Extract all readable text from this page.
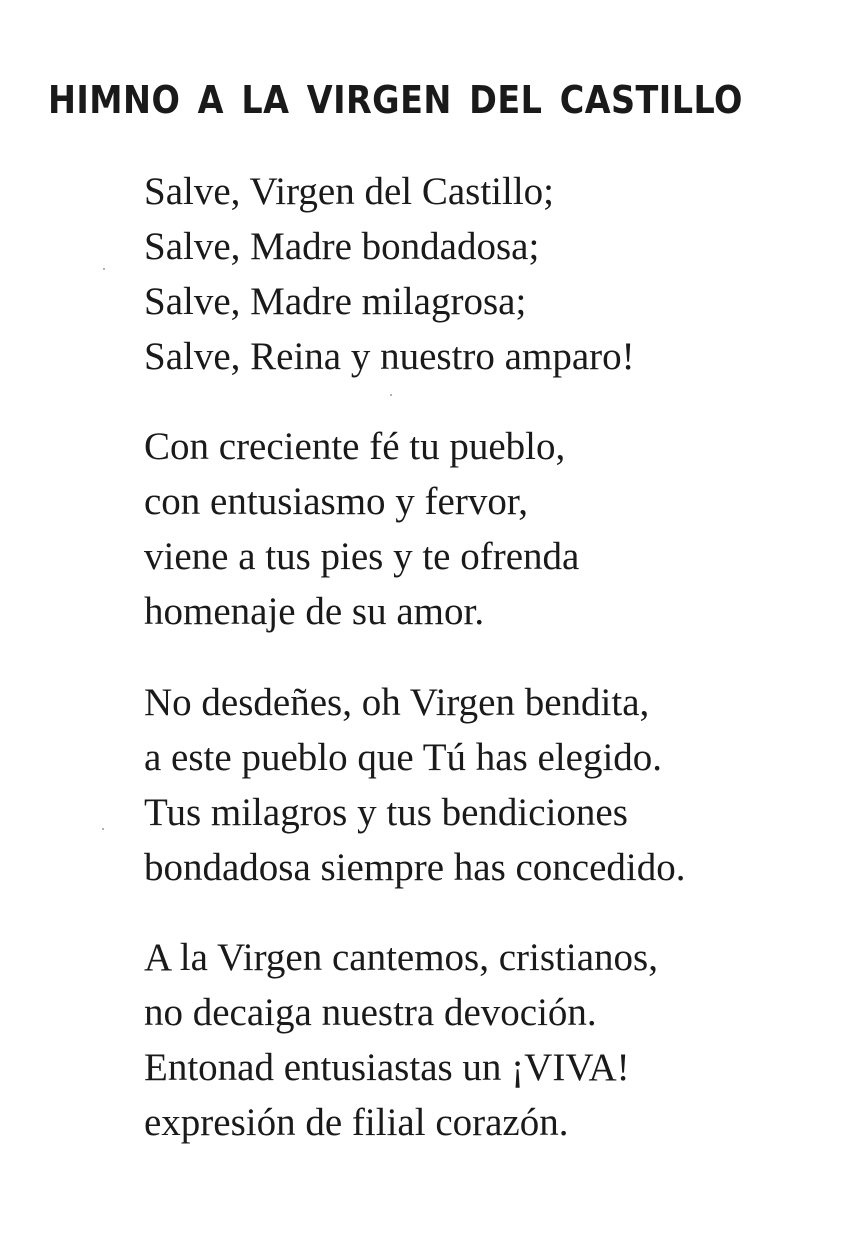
HIMNO A LA VIRGEN DEL CASTILLO
Salve, Virgen del Castillo;
Salve, Madre bondadosa;
Salve, Madre milagrosa;
Salve, Reina y nuestro amparo!
Con creciente fé tu pueblo,
con entusiasmo y fervor,
viene a tus pies y te ofrenda
homenaje de su amor.
No desdeñes, oh Virgen bendita,
a este pueblo que Tú has elegido.
Tus milagros y tus bendiciones
bondadosa siempre has concedido.
A la Virgen cantemos, cristianos,
no decaiga nuestra devoción.
Entonad entusiastas un ¡VIVA!
expresión de filial corazón.
